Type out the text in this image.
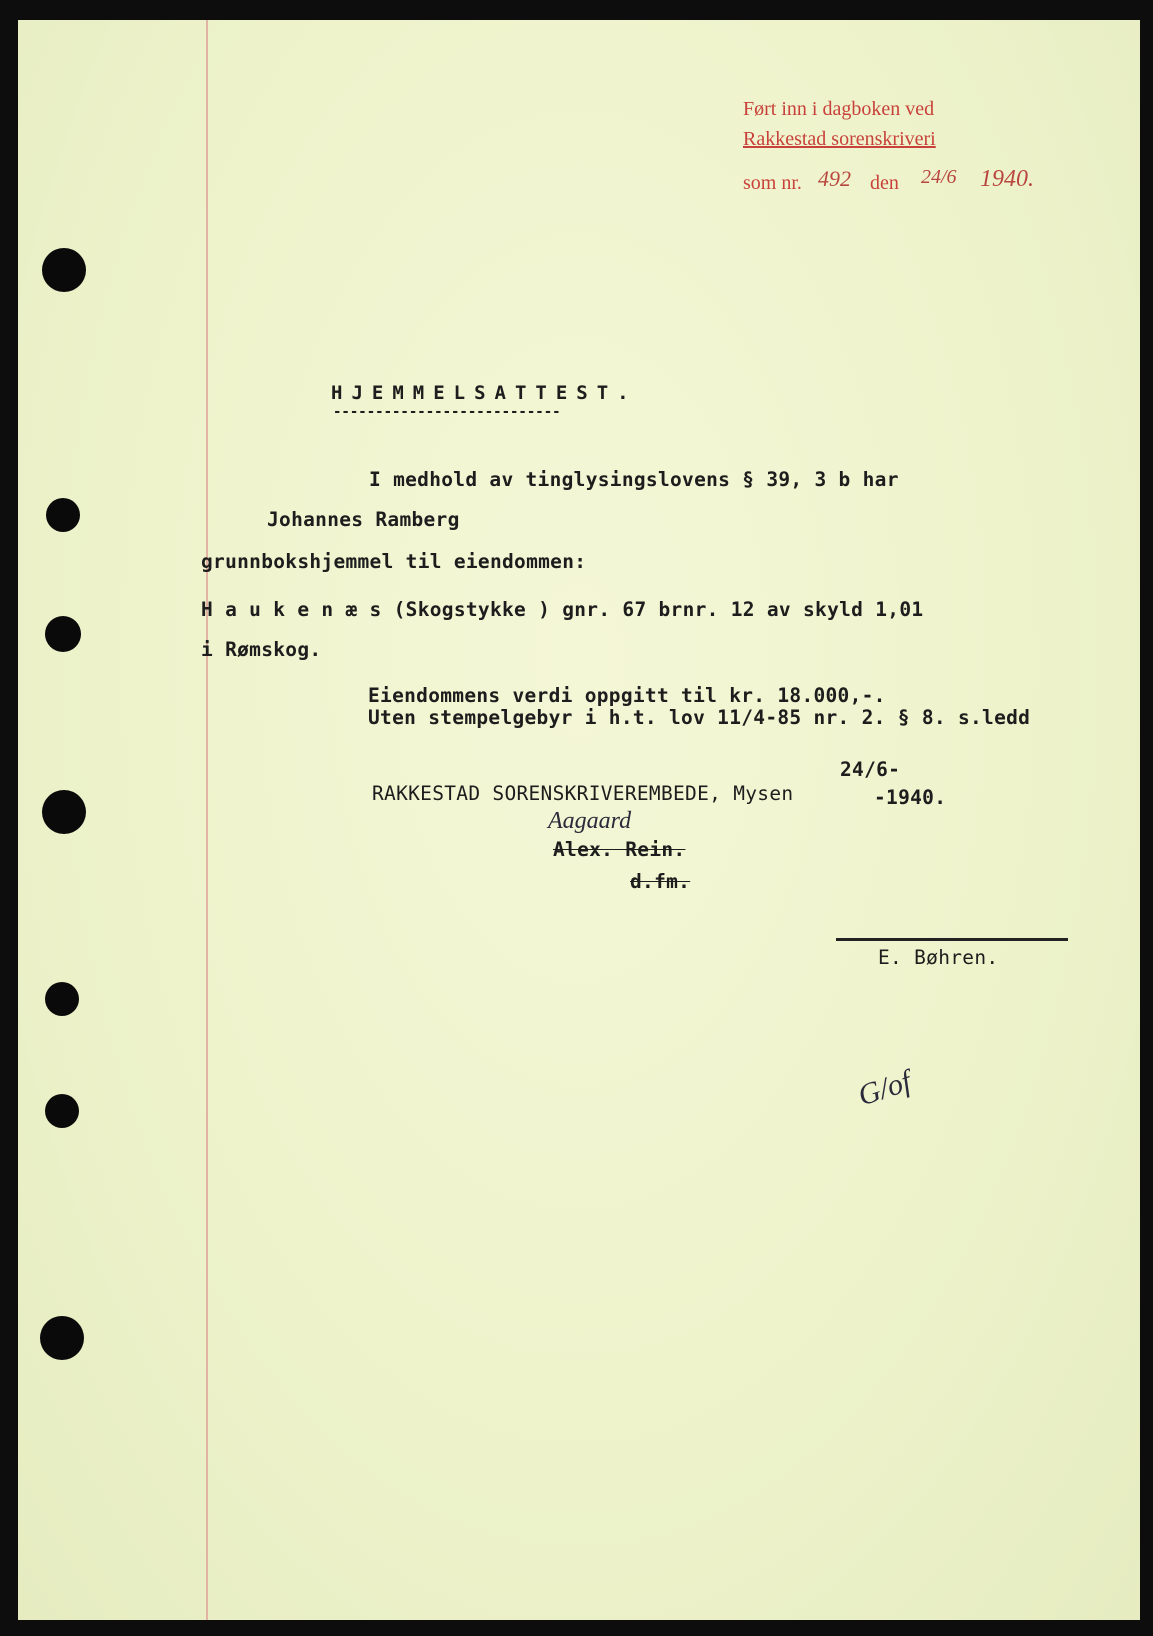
Ført inn i dagboken ved
Rakkestad sorenskriveri
som nr. 492 den 24/6 1940.
HJEMMELSATTEST.
---------------------------
I medhold av tinglysingslovens § 39, 3 b har
Johannes Ramberg
grunnbokshjemmel til eiendommen:
H a u k e n æ s (Skogstykke ) gnr. 67 brnr. 12 av skyld 1,01
i Rømskog.
Eiendommens verdi oppgitt til kr. 18.000,-.
Uten stempelgebyr i h.t. lov 11/4-85 nr. 2. § 8. s.ledd
24/6-
RAKKESTAD SORENSKRIVEREMBEDE, Mysen	-1940.
Aagaard
Alex. Rein.
d.fm.
E. Bøhren.
G/of
